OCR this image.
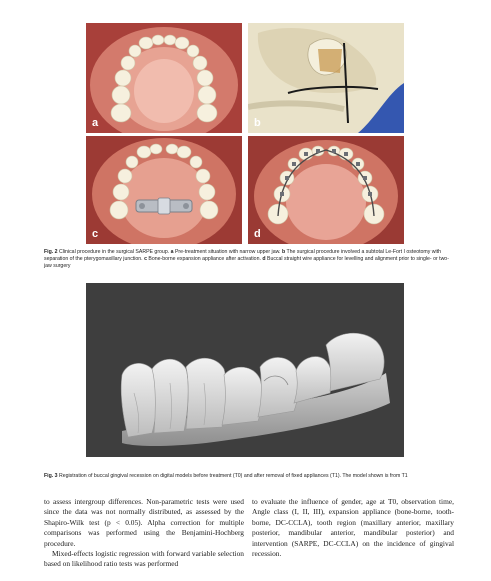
a	b
c	d
Fig. 2 Clinical procedure in the surgical SARPE group. a Pre-treatment situation with narrow upper jaw. b The surgical procedure involved a subtotal Le-Fort I osteotomy with separation of the pterygomaxillary junction. c Bone-borne expansion appliance after activation. d Buccal straight wire appliance for levelling and alignment prior to single- or two-jaw surgery
Fig. 3 Registration of buccal gingival recession on digital models before treatment (T0) and after removal of fixed appliances (T1). The model shown is from T1

to assess intergroup differences. Non-parametric tests were used since the data was not normally distributed, as assessed by the Shapiro-Wilk test (p < 0.05). Alpha correction for multiple comparisons was performed using the Benjamini-Hochberg procedure.

Mixed-effects logistic regression with forward variable selection based on likelihood ratio tests was performed

to evaluate the influence of gender, age at T0, observation time, Angle class (I, II, III), expansion appliance (bone-borne, tooth-borne, DC-CCLA), tooth region (maxillary anterior, maxillary posterior, mandibular anterior, mandibular posterior) and intervention (SARPE, DC-CCLA) on the incidence of gingival recession.
